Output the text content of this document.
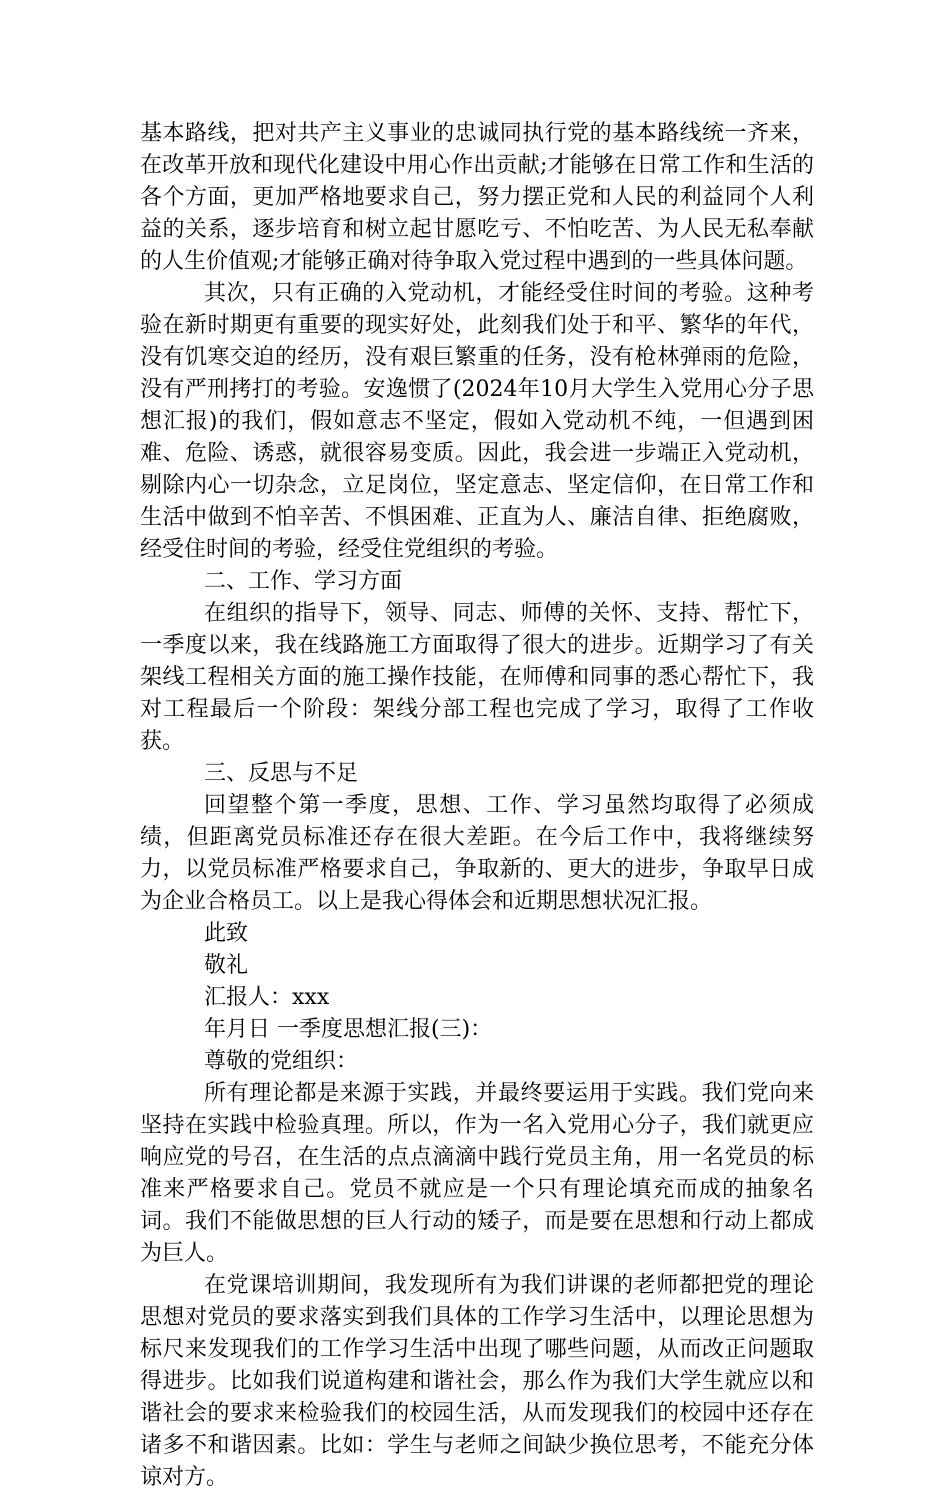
基本路线，把对共产主义事业的忠诚同执行党的基本路线统一齐来，在改革开放和现代化建设中用心作出贡献;才能够在日常工作和生活的各个方面，更加严格地要求自己，努力摆正党和人民的利益同个人利益的关系，逐步培育和树立起甘愿吃亏、不怕吃苦、为人民无私奉献的人生价值观;才能够正确对待争取入党过程中遇到的一些具体问题。

其次，只有正确的入党动机，才能经受住时间的考验。这种考验在新时期更有重要的现实好处，此刻我们处于和平、繁华的年代，没有饥寒交迫的经历，没有艰巨繁重的任务，没有枪林弹雨的危险，没有严刑拷打的考验。安逸惯了(2024年10月大学生入党用心分子思想汇报)的我们，假如意志不坚定，假如入党动机不纯，一但遇到困难、危险、诱惑，就很容易变质。因此，我会进一步端正入党动机，剔除内心一切杂念，立足岗位，坚定意志、坚定信仰，在日常工作和生活中做到不怕辛苦、不惧困难、正直为人、廉洁自律、拒绝腐败，经受住时间的考验，经受住党组织的考验。

二、工作、学习方面

在组织的指导下，领导、同志、师傅的关怀、支持、帮忙下，一季度以来，我在线路施工方面取得了很大的进步。近期学习了有关架线工程相关方面的施工操作技能，在师傅和同事的悉心帮忙下，我对工程最后一个阶段：架线分部工程也完成了学习，取得了工作收获。

三、反思与不足

回望整个第一季度，思想、工作、学习虽然均取得了必须成绩，但距离党员标准还存在很大差距。在今后工作中，我将继续努力，以党员标准严格要求自己，争取新的、更大的进步，争取早日成为企业合格员工。以上是我心得体会和近期思想状况汇报。

此致

敬礼

汇报人：xxx

年月日 一季度思想汇报(三)：

尊敬的党组织：

所有理论都是来源于实践，并最终要运用于实践。我们党向来坚持在实践中检验真理。所以，作为一名入党用心分子，我们就更应响应党的号召，在生活的点点滴滴中践行党员主角，用一名党员的标准来严格要求自己。党员不就应是一个只有理论填充而成的抽象名词。我们不能做思想的巨人行动的矮子，而是要在思想和行动上都成为巨人。

在党课培训期间，我发现所有为我们讲课的老师都把党的理论思想对党员的要求落实到我们具体的工作学习生活中，以理论思想为标尺来发现我们的工作学习生活中出现了哪些问题，从而改正问题取得进步。比如我们说道构建和谐社会，那么作为我们大学生就应以和谐社会的要求来检验我们的校园生活，从而发现我们的校园中还存在诸多不和谐因素。比如：学生与老师之间缺少换位思考，不能充分体谅对方。
